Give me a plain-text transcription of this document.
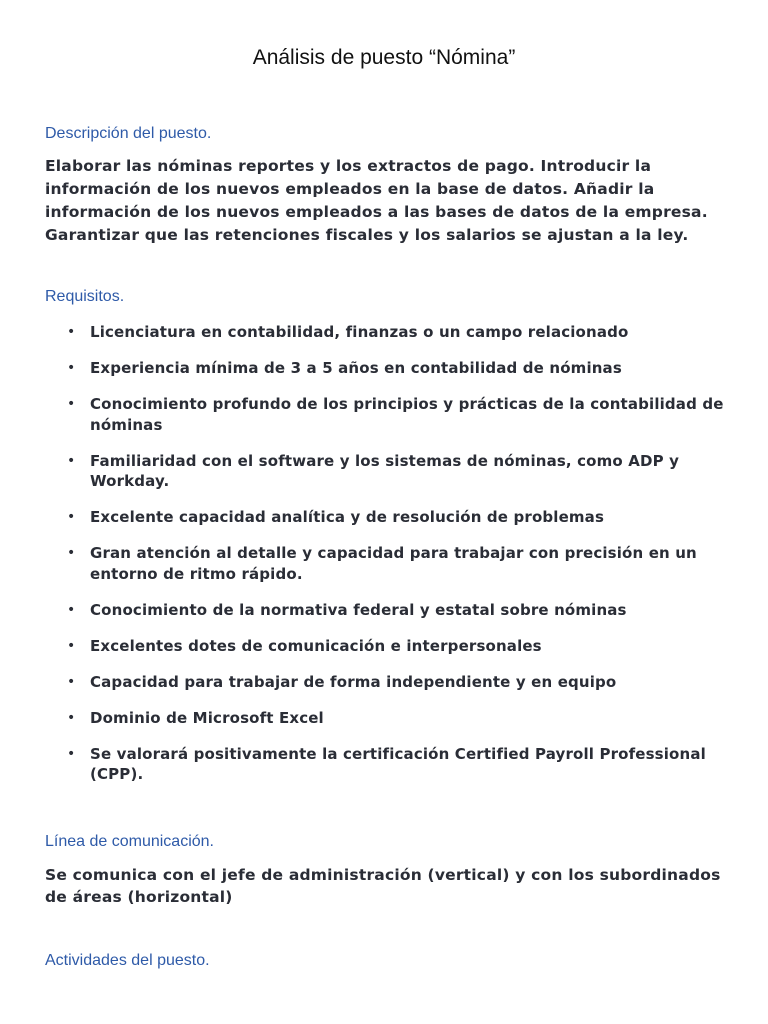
Análisis de puesto “Nómina”
Descripción del puesto.
Elaborar las nóminas reportes y los extractos de pago. Introducir la información de los nuevos empleados en la base de datos. Añadir la información de los nuevos empleados a las bases de datos de la empresa. Garantizar que las retenciones fiscales y los salarios se ajustan a la ley.
Requisitos.
• Licenciatura en contabilidad, finanzas o un campo relacionado
• Experiencia mínima de 3 a 5 años en contabilidad de nóminas
• Conocimiento profundo de los principios y prácticas de la contabilidad de nóminas
• Familiaridad con el software y los sistemas de nóminas, como ADP y Workday.
• Excelente capacidad analítica y de resolución de problemas
• Gran atención al detalle y capacidad para trabajar con precisión en un entorno de ritmo rápido.
• Conocimiento de la normativa federal y estatal sobre nóminas
• Excelentes dotes de comunicación e interpersonales
• Capacidad para trabajar de forma independiente y en equipo
• Dominio de Microsoft Excel
• Se valorará positivamente la certificación Certified Payroll Professional (CPP).
Línea de comunicación.
Se comunica con el jefe de administración (vertical) y con los subordinados de áreas (horizontal)
Actividades del puesto.
